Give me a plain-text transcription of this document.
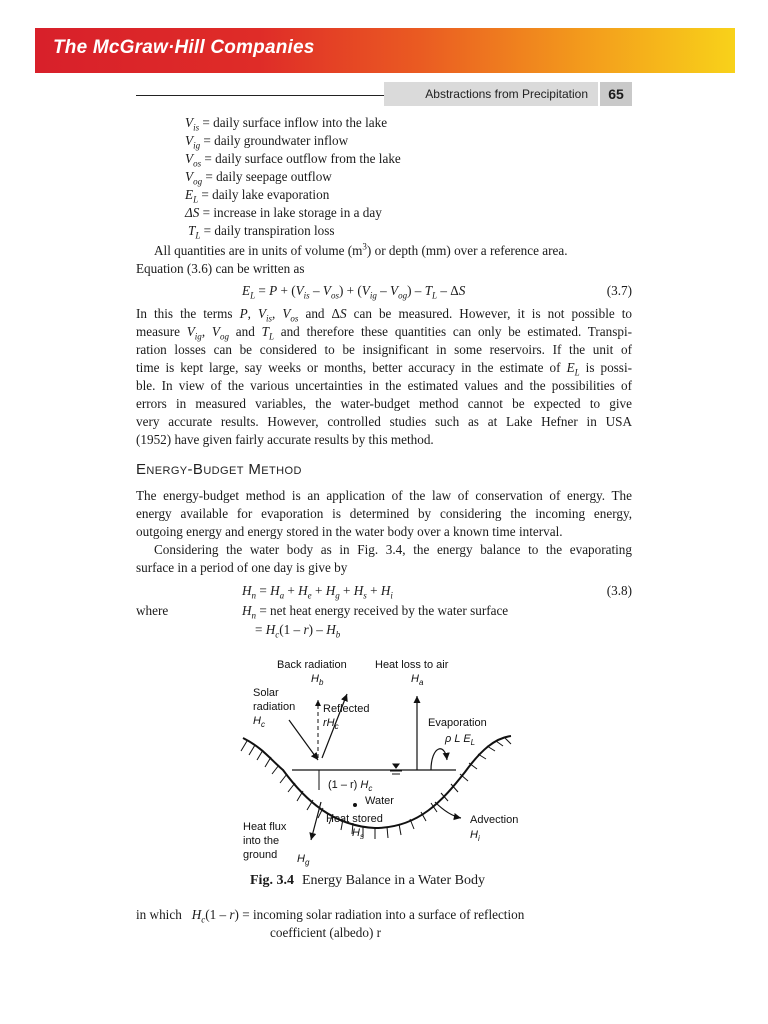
The McGraw·Hill Companies
Abstractions from Precipitation	65
$V_{is}$ = daily surface inflow into the lake
$V_{ig}$ = daily groundwater inflow
$V_{os}$ = daily surface outflow from the lake
$V_{og}$ = daily seepage outflow
$E_L$ = daily lake evaporation
ΔS = increase in lake storage in a day
$T_L$ = daily transpiration loss
All quantities are in units of volume $(m^3)$ or depth (mm) over a reference area.
Equation (3.6) can be written as
$E_L = P + (V_{is} - V_{os}) + (V_{ig} - V_{og}) - T_L - \Delta S$	(3.7)
In this the terms P, $V_{is}$, $V_{os}$ and ΔS can be measured. However, it is not possible to
measure $V_{ig}$, $V_{og}$ and $T_L$ and therefore these quantities can only be estimated. Transpi-
ration losses can be considered to be insignificant in some reservoirs. If the unit of
time is kept large, say weeks or months, better accuracy in the estimate of $E_L$ is possi-
ble. In view of the various uncertainties in the estimated values and the possibilities of
errors in measured variables, the water-budget method cannot be expected to give
very accurate results. However, controlled studies such as at Lake Hefner in USA
(1952) have given fairly accurate results by this method.
Energy-Budget Method
The energy-budget method is an application of the law of conservation of energy. The
energy available for evaporation is determined by considering the incoming energy,
outgoing energy and energy stored in the water body over a known time interval.
Considering the water body as in Fig. 3.4, the energy balance to the evaporating
surface in a period of one day is give by
$H_n = H_a + H_e + H_g + H_s + H_i$	(3.8)
where	$H_n$ = net heat energy received by the water surface
= $H_c(1 - r) - H_b$
Back radiation
$H_b$
Heat loss to air
$H_a$
Solar
radiation
$H_c$
Reflected
$rH_c$	Evaporation
ρ L $E_L$
(1 – r) $H_c$
Water
Heat stored
$H_s$
Advection
$H_i$
Heat flux
into the
ground $H_g$
Fig. 3.4 Energy Balance in a Water Body
in which $H_c(1 - r)$ = incoming solar radiation into a surface of reflection
coefficient (albedo) r
